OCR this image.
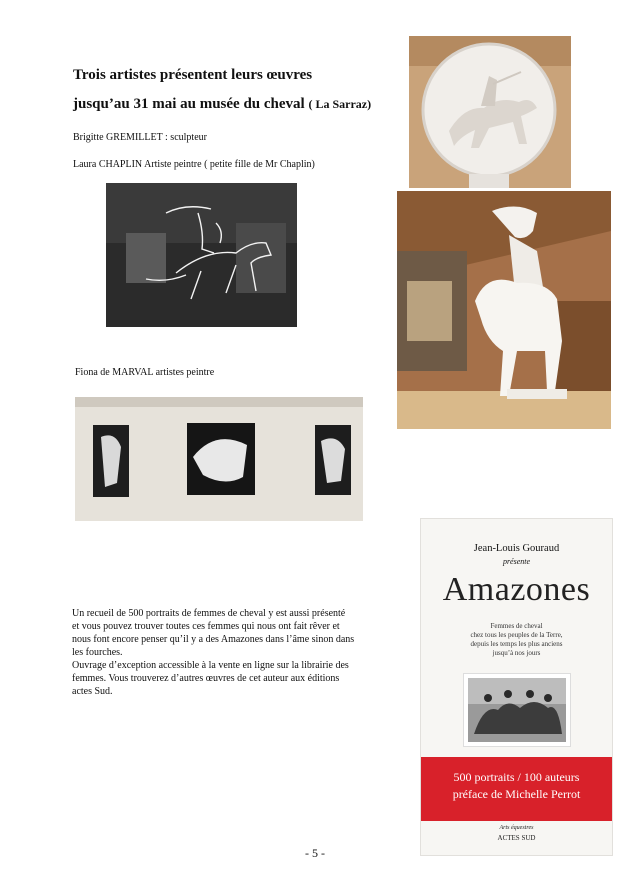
Trois artistes présentent leurs œuvres
jusqu’au 31 mai au musée du cheval ( La Sarraz)
Brigitte GREMILLET : sculpteur
Laura CHAPLIN Artiste peintre ( petite fille de Mr Chaplin)
Fiona de MARVAL artistes peintre
Un recueil de 500 portraits de femmes de cheval y est aussi présenté
et vous pouvez trouver toutes ces femmes qui nous ont fait rêver et
nous font encore penser qu’il y a des Amazones dans l’âme sinon dans
les fourches.
Ouvrage d’exception accessible à la vente en ligne sur la librairie des
femmes. Vous trouverez d’autres œuvres de cet auteur aux éditions
actes Sud.
Jean-Louis Gouraud
présente
Amazones
Femmes de cheval
chez tous les peuples de la Terre,
depuis les temps les plus anciens
jusqu’à nos jours
500 portraits / 100 auteurs
préface de Michelle Perrot
Arts équestres
ACTES SUD
- 5 -
